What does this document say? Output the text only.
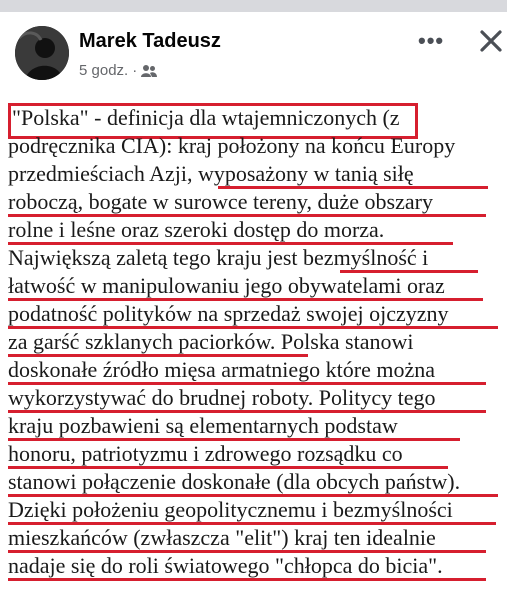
Marek Tadeusz
5 godz. ·
•••
"Polska" - definicja dla wtajemniczonych (z
podręcznika CIA): kraj położony na końcu Europy
przedmieściach Azji, wyposażony w tanią siłę
roboczą, bogate w surowce tereny, duże obszary
rolne i leśne oraz szeroki dostęp do morza.
Największą zaletą tego kraju jest bezmyślność i
łatwość w manipulowaniu jego obywatelami oraz
podatność polityków na sprzedaż swojej ojczyzny
za garść szklanych paciorków. Polska stanowi
doskonałe źródło mięsa armatniego które można
wykorzystywać do brudnej roboty. Politycy tego
kraju pozbawieni są elementarnych podstaw
honoru, patriotyzmu i zdrowego rozsądku co
stanowi połączenie doskonałe (dla obcych państw).
Dzięki położeniu geopolitycznemu i bezmyślności
mieszkańców (zwłaszcza "elit") kraj ten idealnie
nadaje się do roli światowego "chłopca do bicia".
